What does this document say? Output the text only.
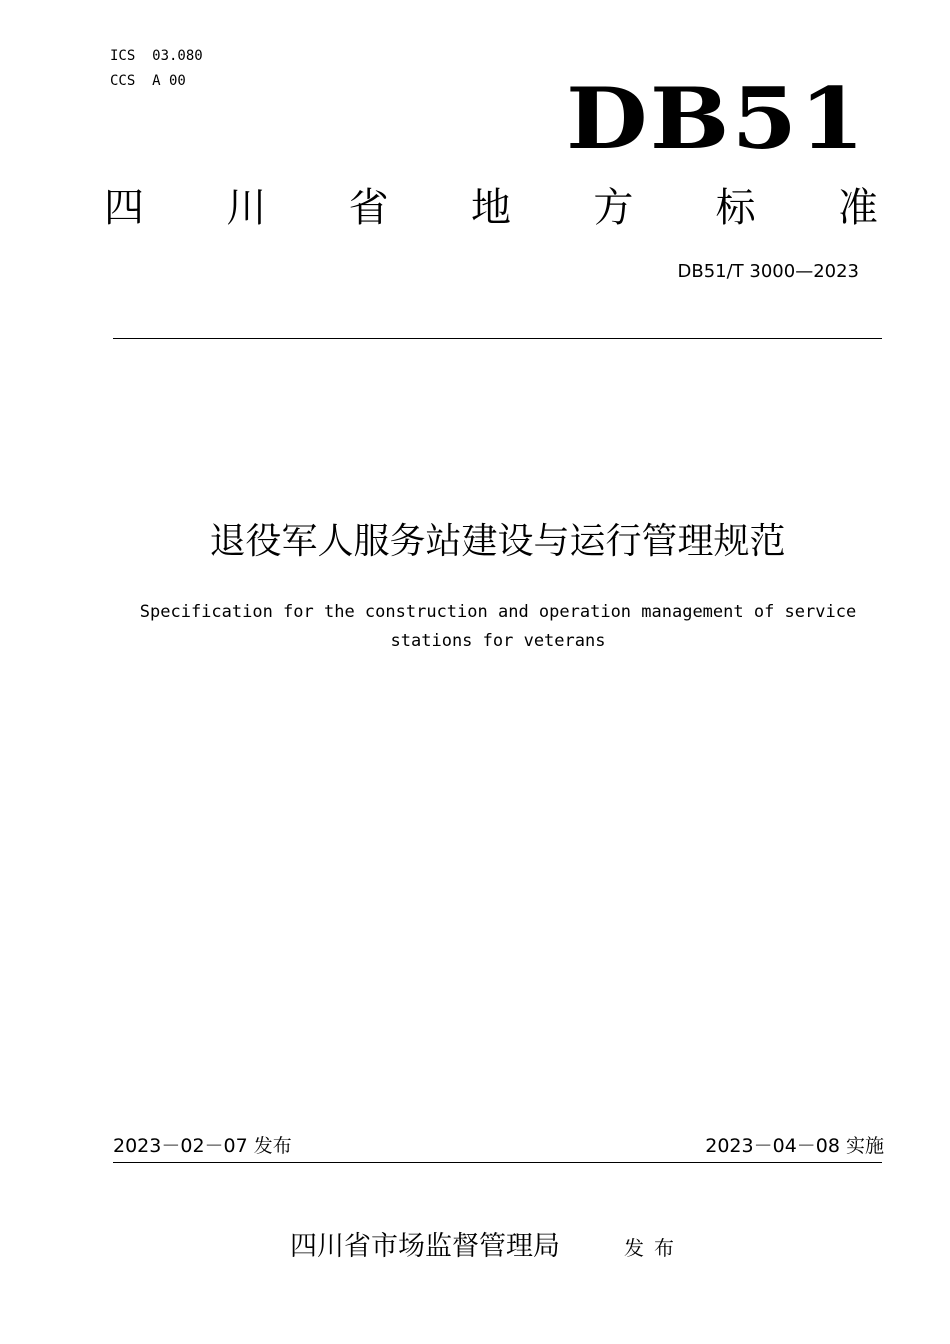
ICS  03.080
CCS  A 00	DB51
四 川 省 地 方 标 准
DB51/T 3000—2023
退役军人服务站建设与运行管理规范
Specification for the construction and operation management of service stations for veterans
2023－02－07 发布	2023－04－08 实施
四川省市场监督管理局	发布
